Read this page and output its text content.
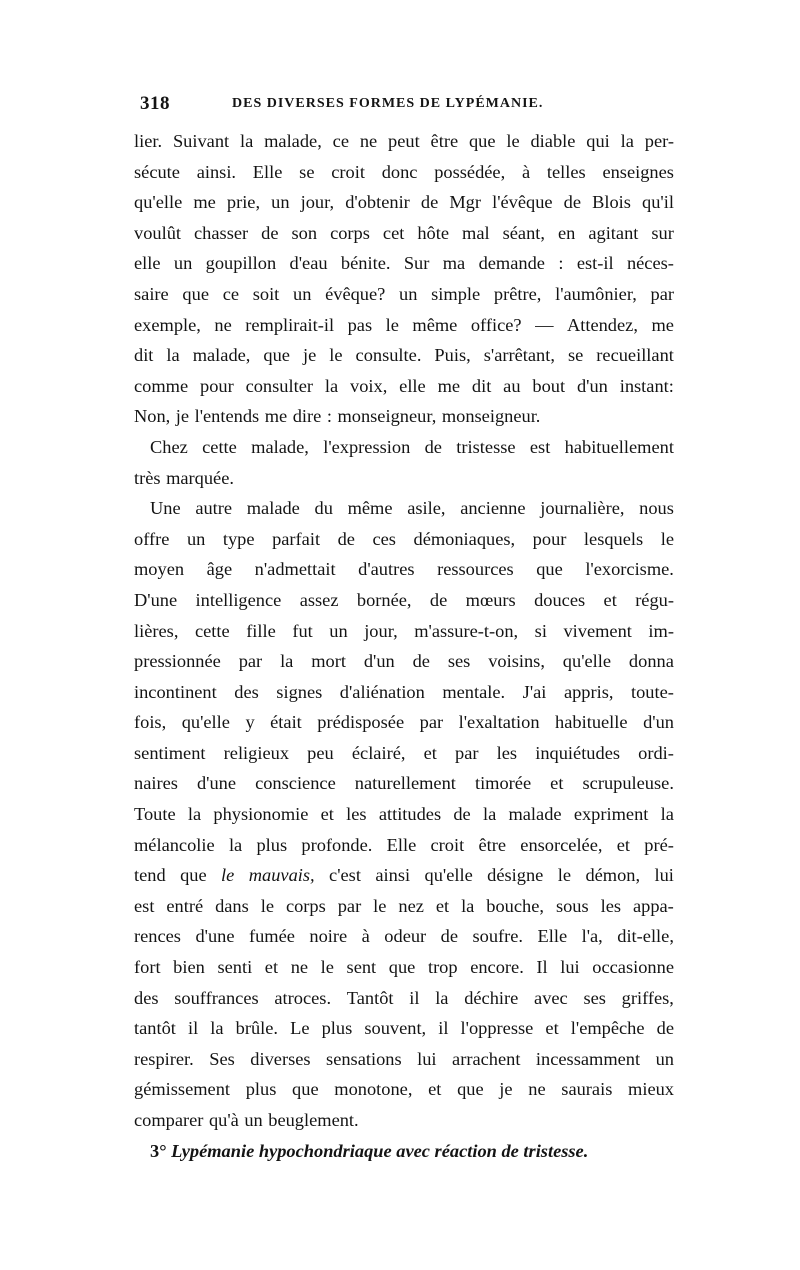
318	DES DIVERSES FORMES DE LYPÉMANIE.
lier. Suivant la malade, ce ne peut être que le diable qui la per-
sécute ainsi. Elle se croit donc possédée, à telles enseignes
qu'elle me prie, un jour, d'obtenir de Mgr l'évêque de Blois qu'il
voulût chasser de son corps cet hôte mal séant, en agitant sur
elle un goupillon d'eau bénite. Sur ma demande : est-il néces-
saire que ce soit un évêque? un simple prêtre, l'aumônier, par
exemple, ne remplirait-il pas le même office? — Attendez, me
dit la malade, que je le consulte. Puis, s'arrêtant, se recueillant
comme pour consulter la voix, elle me dit au bout d'un instant:
Non, je l'entends me dire : monseigneur, monseigneur.
Chez cette malade, l'expression de tristesse est habituellement
très marquée.
Une autre malade du même asile, ancienne journalière, nous
offre un type parfait de ces démoniaques, pour lesquels le
moyen âge n'admettait d'autres ressources que l'exorcisme.
D'une intelligence assez bornée, de mœurs douces et régu-
lières, cette fille fut un jour, m'assure-t-on, si vivement im-
pressionnée par la mort d'un de ses voisins, qu'elle donna
incontinent des signes d'aliénation mentale. J'ai appris, toute-
fois, qu'elle y était prédisposée par l'exaltation habituelle d'un
sentiment religieux peu éclairé, et par les inquiétudes ordi-
naires d'une conscience naturellement timorée et scrupuleuse.
Toute la physionomie et les attitudes de la malade expriment la
mélancolie la plus profonde. Elle croit être ensorcelée, et pré-
tend que le mauvais, c'est ainsi qu'elle désigne le démon, lui
est entré dans le corps par le nez et la bouche, sous les appa-
rences d'une fumée noire à odeur de soufre. Elle l'a, dit-elle,
fort bien senti et ne le sent que trop encore. Il lui occasionne
des souffrances atroces. Tantôt il la déchire avec ses griffes,
tantôt il la brûle. Le plus souvent, il l'oppresse et l'empêche de
respirer. Ses diverses sensations lui arrachent incessamment un
gémissement plus que monotone, et que je ne saurais mieux
comparer qu'à un beuglement.
3°
Lypémanie hypochondriaque avec réaction de tristesse.
